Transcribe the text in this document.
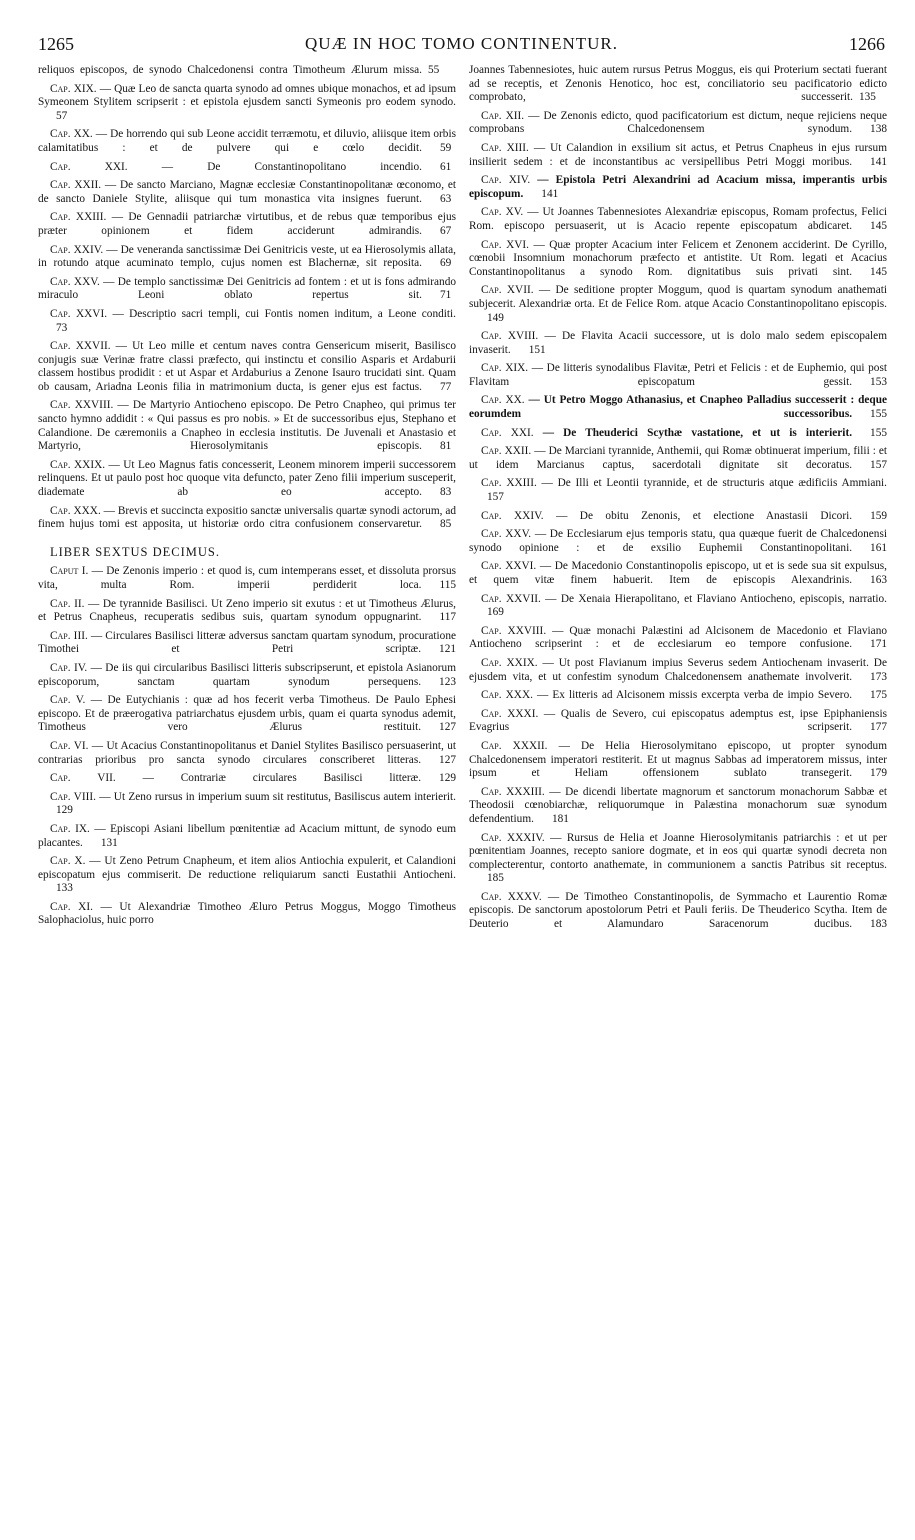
1265	QUÆ IN HOC TOMO CONTINENTUR.	1266

reliquos episcopos, de synodo Chalcedonensi contra Timotheum Ælurum missa. 55

Cap. XIX. — Quæ Leo de sancta quarta synodo ad omnes ubique monachos, et ad ipsum Symeonem Stylitem scripserit : et epistola ejusdem sancti Symeonis pro eodem synodo.57

Cap. XX. — De horrendo qui sub Leone accidit terræmotu, et diluvio, aliisque item orbis calamitatibus : et de pulvere qui e cœlo decidit. 59

Cap. XXI. — De Constantinopolitano incendio. 61

Cap. XXII. — De sancto Marciano, Magnæ ecclesiæ Constantinopolitanæ œconomo, et de sancto Daniele Stylite, aliisque qui tum monastica vita insignes fuerunt. 63

Cap. XXIII. — De Gennadii patriarchæ virtutibus, et de rebus quæ temporibus ejus præter opinionem et fidem acciderunt admirandis. 67

Cap. XXIV. — De veneranda sanctissimæ Dei Genitricis veste, ut ea Hierosolymis allata, in rotundo atque acuminato templo, cujus nomen est Blachernæ, sit reposita. 69

Cap. XXV. — De templo sanctissimæ Dei Genitricis ad fontem : et ut is fons admirando miraculo Leoni oblato repertus sit. 71

Cap. XXVI. — Descriptio sacri templi, cui Fontis nomen inditum, a Leone conditi.73

Cap. XXVII. — Ut Leo mille et centum naves contra Gensericum miserit, Basilisco conjugis suæ Verinæ fratre classi præfecto, qui instinctu et consilio Asparis et Ardaburii classem hostibus prodidit : et ut Aspar et Ardaburius a Zenone Isauro trucidati sint. Quam ob causam, Ariadna Leonis filia in matrimonium ducta, is gener ejus est factus. 77

Cap. XXVIII. — De Martyrio Antiocheno episcopo. De Petro Cnapheo, qui primus ter sancto hymno addidit : « Qui passus es pro nobis. » Et de successoribus ejus, Stephano et Calandione. De cæremoniis a Cnapheo in ecclesia institutis. De Juvenali et Anastasio et Martyrio, Hierosolymitanis episcopis. 81

Cap. XXIX. — Ut Leo Magnus fatis concesserit, Leonem minorem imperii successorem relinquens. Et ut paulo post hoc quoque vita defuncto, pater Zeno filii imperium susceperit, diademate ab eo accepto. 83

Cap. XXX. — Brevis et succincta expositio sanctæ universalis quartæ synodi actorum, ad finem hujus tomi est apposita, ut historiæ ordo citra confusionem conservaretur. 85

LIBER SEXTUS DECIMUS.

Caput I. — De Zenonis imperio : et quod is, cum intemperans esset, et dissoluta prorsus vita, multa Rom. imperii perdiderit loca. 115

Cap. II. — De tyrannide Basilisci. Ut Zeno imperio sit exutus : et ut Timotheus Ælurus, et Petrus Cnapheus, recuperatis sedibus suis, quartam synodum oppugnarint. 117

Cap. III. — Circulares Basilisci litteræ adversus sanctam quartam synodum, procuratione Timothei et Petri scriptæ. 121

Cap. IV. — De iis qui circularibus Basilisci litteris subscripserunt, et epistola Asianorum episcoporum, sanctam quartam synodum persequens. 123

Cap. V. — De Eutychianis : quæ ad hos fecerit verba Timotheus. De Paulo Ephesi episcopo. Et de præerogativa patriarchatus ejusdem urbis, quam ei quarta synodus ademit, Timotheus vero Ælurus restituit. 127

Cap. VI. — Ut Acacius Constantinopolitanus et Daniel Stylites Basilisco persuaserint, ut contrarias prioribus pro sancta synodo circulares conscriberet litteras. 127

Cap. VII. — Contrariæ circulares Basilisci litteræ. 129

Cap. VIII. — Ut Zeno rursus in imperium suum sit restitutus, Basiliscus autem interierit.129

Cap. IX. — Episcopi Asiani libellum pœnitentiæ ad Acacium mittunt, de synodo eum placantes. 131

Cap. X. — Ut Zeno Petrum Cnapheum, et item alios Antiochia expulerit, et Calandioni episcopatum ejus commiserit. De reductione reliquiarum sancti Eustathii Antiocheni.133

Cap. XI. — Ut Alexandriæ Timotheo Æluro Petrus Moggus, Moggo Timotheus Salophaciolus, huic porro

Joannes Tabennesiotes, huic autem rursus Petrus Moggus, eis qui Proterium sectati fuerant ad se receptis, et Zenonis Henotico, hoc est, conciliatorio seu pacificatorio edicto comprobato, successerit. 135

Cap. XII. — De Zenonis edicto, quod pacificatorium est dictum, neque rejiciens neque comprobans Chalcedonensem synodum. 138

Cap. XIII. — Ut Calandion in exsilium sit actus, et Petrus Cnapheus in ejus rursum insilierit sedem : et de inconstantibus ac versipellibus Petri Moggi moribus. 141

Cap. XIV. — Epistola Petri Alexandrini ad Acacium missa, imperantis urbis episcopum. 141

Cap. XV. — Ut Joannes Tabennesiotes Alexandriæ episcopus, Romam profectus, Felici Rom. episcopo persuaserit, ut is Acacio repente episcopatum abdicaret. 145

Cap. XVI. — Quæ propter Acacium inter Felicem et Zenonem acciderint. De Cyrillo, cœnobii Insomnium monachorum præfecto et antistite. Ut Rom. legati et Acacius Constantinopolitanus a synodo Rom. dignitatibus suis privati sint. 145

Cap. XVII. — De seditione propter Moggum, quod is quartam synodum anathemati subjecerit. Alexandriæ orta. Et de Felice Rom. atque Acacio Constantinopolitano episcopis.149

Cap. XVIII. — De Flavita Acacii successore, ut is dolo malo sedem episcopalem invaserit. 151

Cap. XIX. — De litteris synodalibus Flavitæ, Petri et Felicis : et de Euphemio, qui post Flavitam episcopatum gessit. 153

Cap. XX. — Ut Petro Moggo Athanasius, et Cnapheo Palladius successerit : deque eorumdem successoribus. 155

Cap. XXI. — De Theuderici Scythæ vastatione, et ut is interierit. 155

Cap. XXII. — De Marciani tyrannide, Anthemii, qui Romæ obtinuerat imperium, filii : et ut idem Marcianus captus, sacerdotali dignitate sit decoratus. 157

Cap. XXIII. — De Illi et Leontii tyrannide, et de structuris atque ædificiis Ammiani.157

Cap. XXIV. — De obitu Zenonis, et electione Anastasii Dicori. 159

Cap. XXV. — De Ecclesiarum ejus temporis statu, qua quæque fuerit de Chalcedonensi synodo opinione : et de exsilio Euphemii Constantinopolitani. 161

Cap. XXVI. — De Macedonio Constantinopolis episcopo, ut et is sede sua sit expulsus, et quem vitæ finem habuerit. Item de episcopis Alexandrinis. 163

Cap. XXVII. — De Xenaia Hierapolitano, et Flaviano Antiocheno, episcopis, narratio.169

Cap. XXVIII. — Quæ monachi Palæstini ad Alcisonem de Macedonio et Flaviano Antiocheno scripserint : et de ecclesiarum eo tempore confusione. 171

Cap. XXIX. — Ut post Flavianum impius Severus sedem Antiochenam invaserit. De ejusdem vita, et ut confestim synodum Chalcedonensem anathemate involverit. 173

Cap. XXX. — Ex litteris ad Alcisonem missis excerpta verba de impio Severo. 175

Cap. XXXI. — Qualis de Severo, cui episcopatus ademptus est, ipse Epiphaniensis Evagrius scripserit. 177

Cap. XXXII. — De Helia Hierosolymitano episcopo, ut propter synodum Chalcedonensem imperatori restiterit. Et ut magnus Sabbas ad imperatorem missus, inter ipsum et Heliam offensionem sublato transegerit. 179

Cap. XXXIII. — De dicendi libertate magnorum et sanctorum monachorum Sabbæ et Theodosii cœnobiarchæ, reliquorumque in Palæstina monachorum suæ synodum defendentium. 181

Cap. XXXIV. — Rursus de Helia et Joanne Hierosolymitanis patriarchis : et ut per pœnitentiam Joannes, recepto saniore dogmate, et in eos qui quartæ synodi decreta non complecterentur, contorto anathemate, in communionem a sanctis Patribus sit receptus.185

Cap. XXXV. — De Timotheo Constantinopolis, de Symmacho et Laurentio Romæ episcopis. De sanctorum apostolorum Petri et Pauli feriis. De Theuderico Scytha. Item de Deuterio et Alamundaro Saracenorum ducibus. 183
